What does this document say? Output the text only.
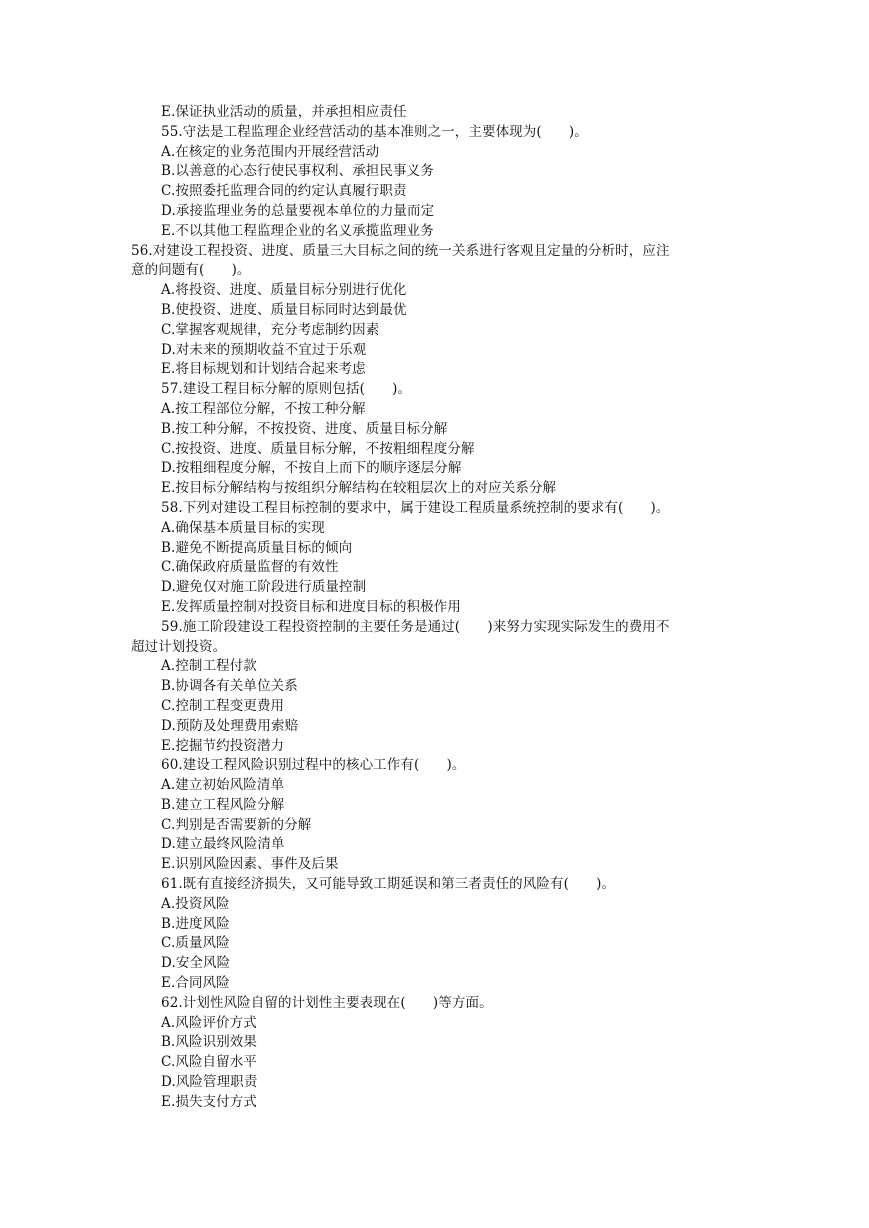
E.保证执业活动的质量，并承担相应责任
55.守法是工程监理企业经营活动的基本准则之一，主要体现为(　　)。
A.在核定的业务范围内开展经营活动
B.以善意的心态行使民事权利、承担民事义务
C.按照委托监理合同的约定认真履行职责
D.承接监理业务的总量要视本单位的力量而定
E.不以其他工程监理企业的名义承揽监理业务
56.对建设工程投资、进度、质量三大目标之间的统一关系进行客观且定量的分析时，应注
意的问题有(　　)。
A.将投资、进度、质量目标分别进行优化
B.使投资、进度、质量目标同时达到最优
C.掌握客观规律，充分考虑制约因素
D.对未来的预期收益不宜过于乐观
E.将目标规划和计划结合起来考虑
57.建设工程目标分解的原则包括(　　)。
A.按工程部位分解，不按工种分解
B.按工种分解，不按投资、进度、质量目标分解
C.按投资、进度、质量目标分解，不按粗细程度分解
D.按粗细程度分解，不按自上而下的顺序逐层分解
E.按目标分解结构与按组织分解结构在较粗层次上的对应关系分解
58.下列对建设工程目标控制的要求中，属于建设工程质量系统控制的要求有(　　)。
A.确保基本质量目标的实现
B.避免不断提高质量目标的倾向
C.确保政府质量监督的有效性
D.避免仅对施工阶段进行质量控制
E.发挥质量控制对投资目标和进度目标的积极作用
59.施工阶段建设工程投资控制的主要任务是通过(　　)来努力实现实际发生的费用不
超过计划投资。
A.控制工程付款
B.协调各有关单位关系
C.控制工程变更费用
D.预防及处理费用索赔
E.挖掘节约投资潜力
60.建设工程风险识别过程中的核心工作有(　　)。
A.建立初始风险清单
B.建立工程风险分解
C.判别是否需要新的分解
D.建立最终风险清单
E.识别风险因素、事件及后果
61.既有直接经济损失，又可能导致工期延误和第三者责任的风险有(　　)。
A.投资风险
B.进度风险
C.质量风险
D.安全风险
E.合同风险
62.计划性风险自留的计划性主要表现在(　　)等方面。
A.风险评价方式
B.风险识别效果
C.风险自留水平
D.风险管理职责
E.损失支付方式
